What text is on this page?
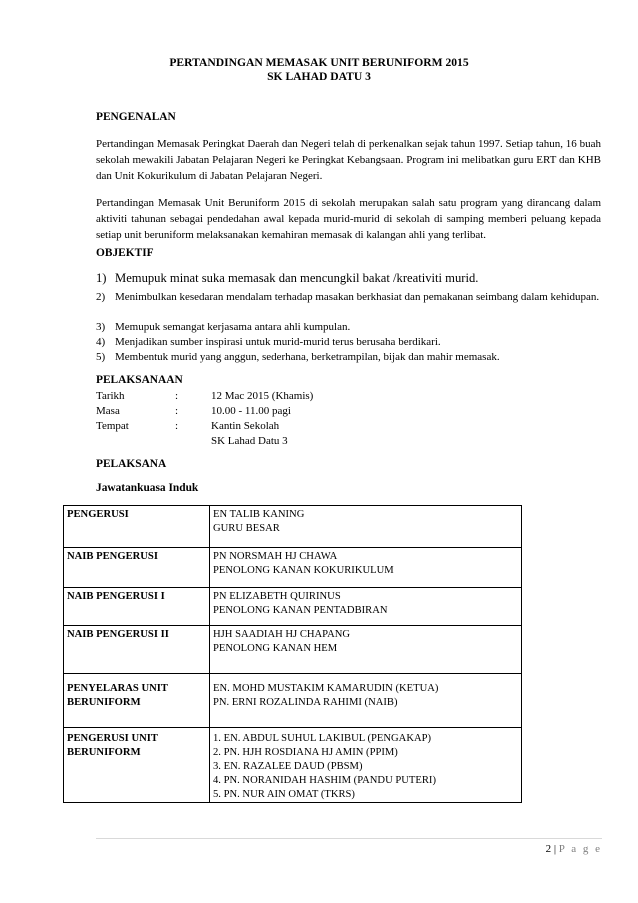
PERTANDINGAN MEMASAK UNIT BERUNIFORM 2015
SK LAHAD DATU 3
PENGENALAN
Pertandingan Memasak Peringkat Daerah dan Negeri telah di perkenalkan sejak tahun 1997. Setiap tahun, 16 buah sekolah mewakili Jabatan Pelajaran Negeri ke Peringkat Kebangsaan. Program ini melibatkan guru ERT dan KHB dan Unit Kokurikulum di Jabatan Pelajaran Negeri.
Pertandingan Memasak Unit Beruniform 2015 di sekolah merupakan salah satu program yang dirancang dalam aktiviti tahunan sebagai pendedahan awal kepada murid-murid di sekolah di samping memberi peluang kepada setiap unit beruniform melaksanakan kemahiran memasak di kalangan ahli yang terlibat.
OBJEKTIF
1) Memupuk minat suka memasak dan mencungkil bakat /kreativiti murid.
2) Menimbulkan kesedaran mendalam terhadap masakan berkhasiat dan pemakanan seimbang dalam kehidupan.
3) Memupuk semangat kerjasama antara ahli kumpulan.
4) Menjadikan sumber inspirasi untuk murid-murid terus berusaha berdikari.
5) Membentuk murid yang anggun, sederhana, berketrampilan, bijak dan mahir memasak.
PELAKSANAAN
Tarikh	:	12 Mac 2015 (Khamis)
Masa	:	10.00 - 11.00 pagi
Tempat	:	Kantin Sekolah
SK Lahad Datu 3
PELAKSANA
Jawatankuasa Induk
PENGERUSI	EN TALIB KANING
GURU BESAR

NAIB PENGERUSI	PN NORSMAH HJ CHAWA
PENOLONG KANAN KOKURIKULUM

NAIB PENGERUSI I	PN ELIZABETH QUIRINUS
PENOLONG KANAN PENTADBIRAN

NAIB PENGERUSI II	HJH SAADIAH HJ CHAPANG
PENOLONG KANAN HEM

PENYELARAS UNIT BERUNIFORM	EN. MOHD MUSTAKIM KAMARUDIN (KETUA)
PN. ERNI ROZALINDA RAHIMI (NAIB)

PENGERUSI UNIT BERUNIFORM	1. EN. ABDUL SUHUL LAKIBUL (PENGAKAP)
2. PN. HJH ROSDIANA HJ AMIN (PPIM)
3. EN. RAZALEE DAUD (PBSM)
4. PN. NORANIDAH HASHIM (PANDU PUTERI)
5. PN. NUR AIN OMAT (TKRS)
2 | P a g e
